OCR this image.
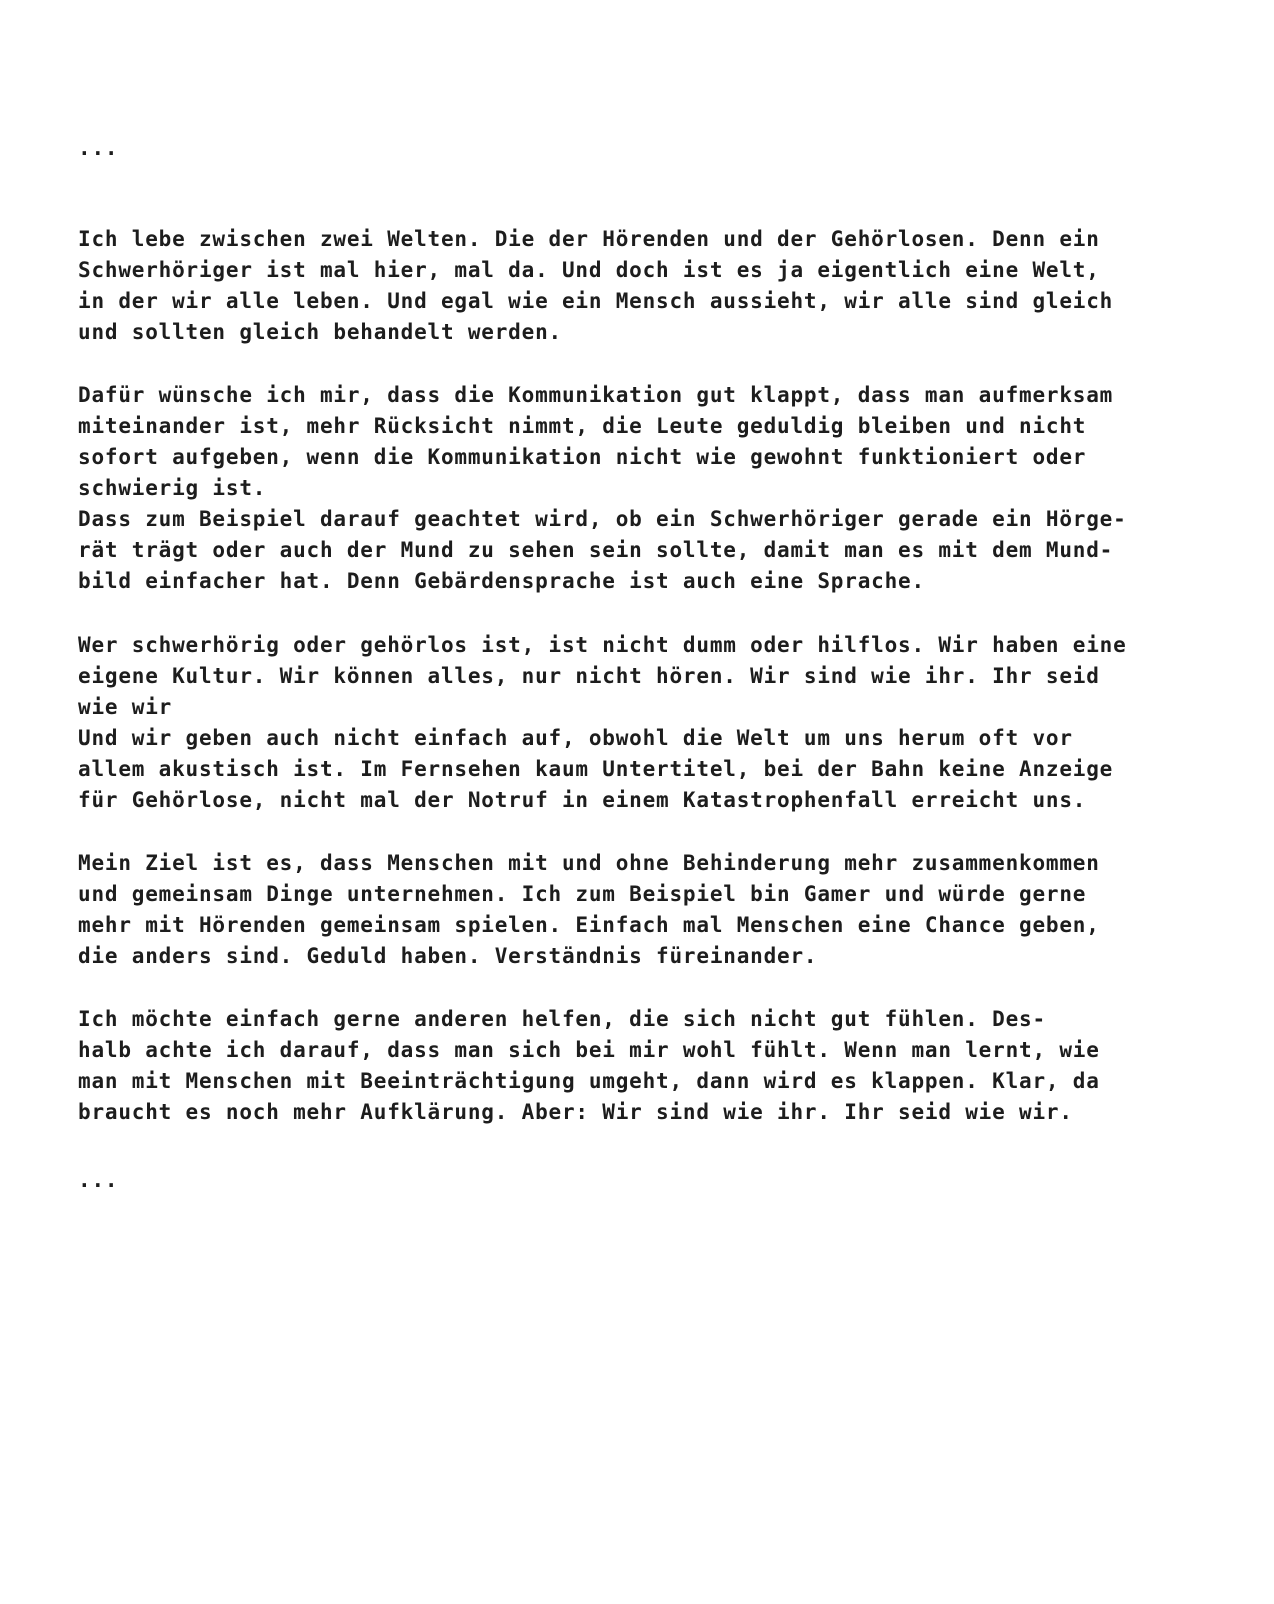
...
Ich lebe zwischen zwei Welten. Die der Hörenden und der Gehörlosen. Denn ein
Schwerhöriger ist mal hier, mal da. Und doch ist es ja eigentlich eine Welt,
in der wir alle leben. Und egal wie ein Mensch aussieht, wir alle sind gleich
und sollten gleich behandelt werden.
Dafür wünsche ich mir, dass die Kommunikation gut klappt, dass man aufmerksam
miteinander ist, mehr Rücksicht nimmt, die Leute geduldig bleiben und nicht
sofort aufgeben, wenn die Kommunikation nicht wie gewohnt funktioniert oder
schwierig ist.
Dass zum Beispiel darauf geachtet wird, ob ein Schwerhöriger gerade ein Hörge-
rät trägt oder auch der Mund zu sehen sein sollte, damit man es mit dem Mund-
bild einfacher hat. Denn Gebärdensprache ist auch eine Sprache.
Wer schwerhörig oder gehörlos ist, ist nicht dumm oder hilflos. Wir haben eine
eigene Kultur. Wir können alles, nur nicht hören. Wir sind wie ihr. Ihr seid
wie wir
Und wir geben auch nicht einfach auf, obwohl die Welt um uns herum oft vor
allem akustisch ist. Im Fernsehen kaum Untertitel, bei der Bahn keine Anzeige
für Gehörlose, nicht mal der Notruf in einem Katastrophenfall erreicht uns.
Mein Ziel ist es, dass Menschen mit und ohne Behinderung mehr zusammenkommen
und gemeinsam Dinge unternehmen. Ich zum Beispiel bin Gamer und würde gerne
mehr mit Hörenden gemeinsam spielen. Einfach mal Menschen eine Chance geben,
die anders sind. Geduld haben. Verständnis füreinander.
Ich möchte einfach gerne anderen helfen, die sich nicht gut fühlen. Des-
halb achte ich darauf, dass man sich bei mir wohl fühlt. Wenn man lernt, wie
man mit Menschen mit Beeinträchtigung umgeht, dann wird es klappen. Klar, da
braucht es noch mehr Aufklärung. Aber: Wir sind wie ihr. Ihr seid wie wir.
...
